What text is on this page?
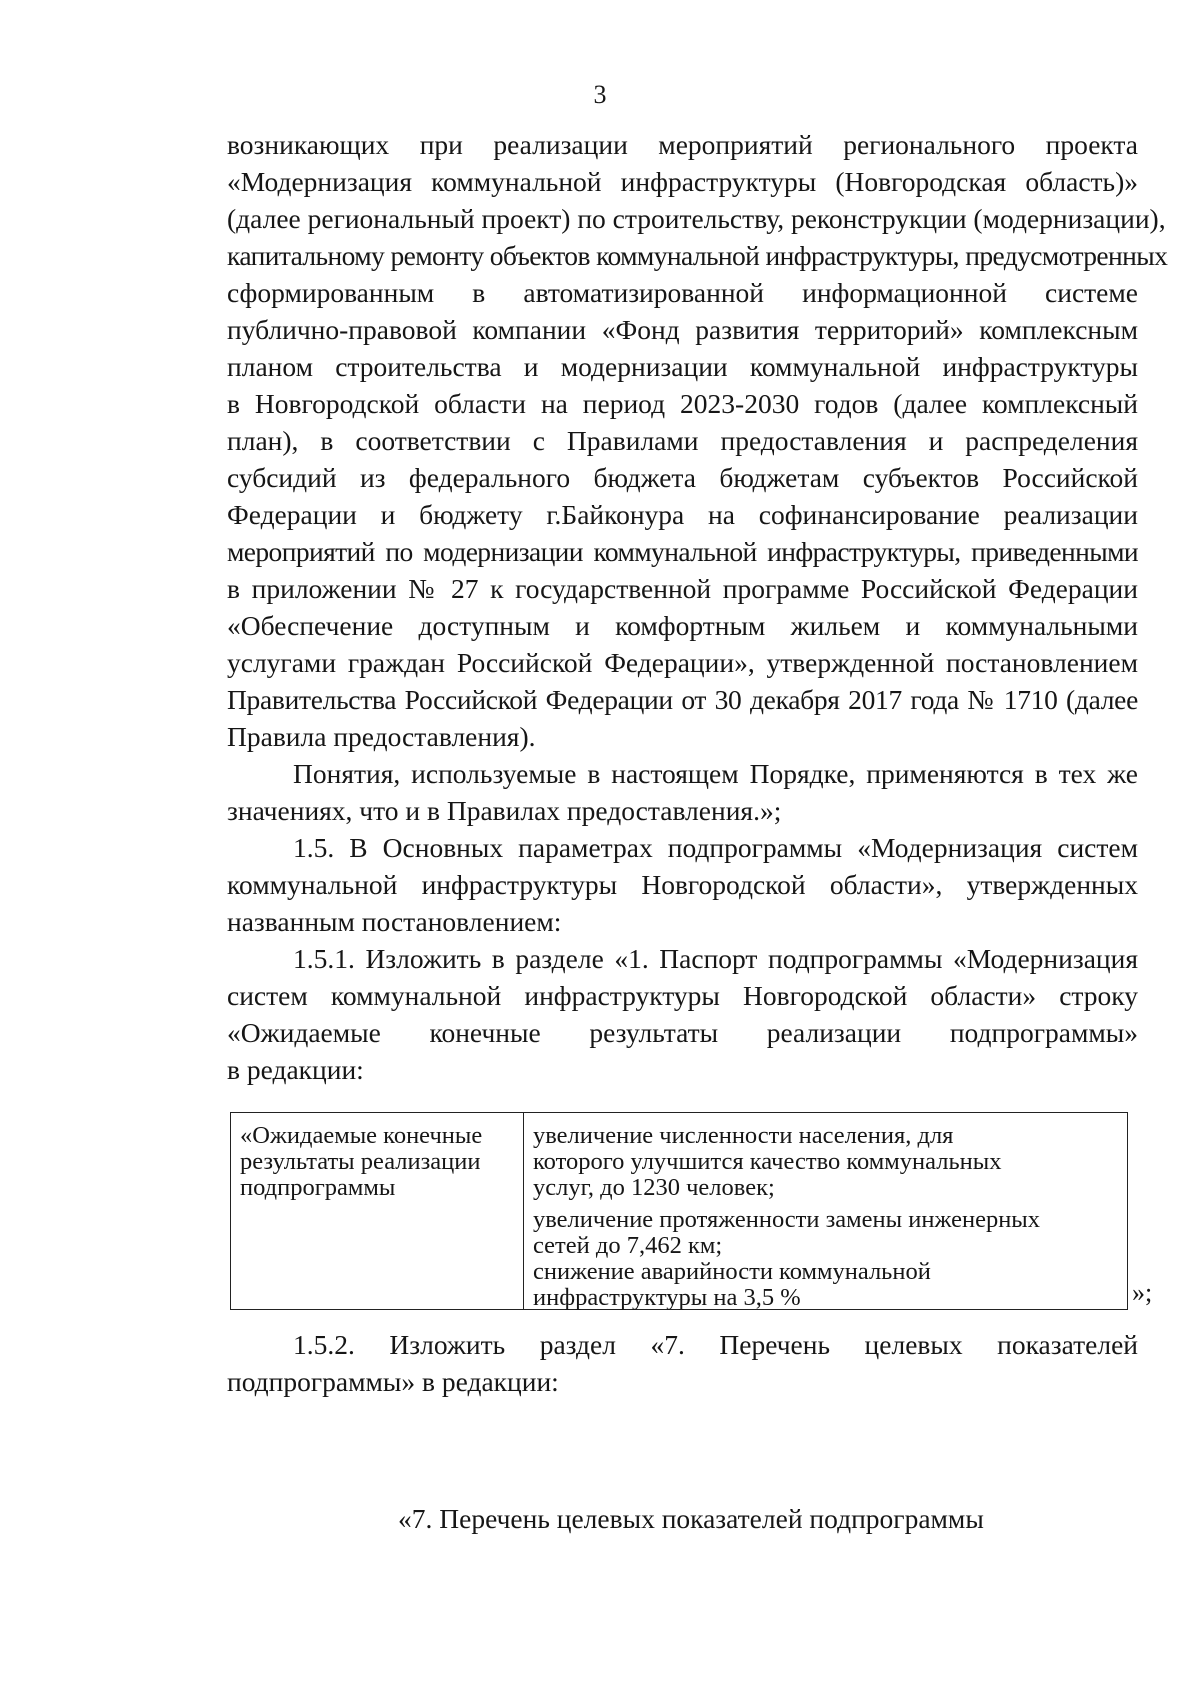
3
возникающих при реализации мероприятий регионального проекта
«Модернизация коммунальной инфраструктуры (Новгородская область)»
(далее региональный проект) по строительству, реконструкции (модернизации),
капитальному ремонту объектов коммунальной инфраструктуры, предусмотренных
сформированным в автоматизированной информационной системе
публично-правовой компании «Фонд развития территорий» комплексным
планом строительства и модернизации коммунальной инфраструктуры
в Новгородской области на период 2023-2030 годов (далее комплексный
план), в соответствии с Правилами предоставления и распределения
субсидий из федерального бюджета бюджетам субъектов Российской
Федерации и бюджету г.Байконура на софинансирование реализации
мероприятий по модернизации коммунальной инфраструктуры, приведенными
в приложении № 27 к государственной программе Российской Федерации
«Обеспечение доступным и комфортным жильем и коммунальными
услугами граждан Российской Федерации», утвержденной постановлением
Правительства Российской Федерации от 30 декабря 2017 года № 1710 (далее
Правила предоставления).
Понятия, используемые в настоящем Порядке, применяются в тех же
значениях, что и в Правилах предоставления.»;
1.5. В Основных параметрах подпрограммы «Модернизация систем
коммунальной инфраструктуры Новгородской области», утвержденных
названным постановлением:
1.5.1. Изложить в разделе «1. Паспорт подпрограммы «Модернизация
систем коммунальной инфраструктуры Новгородской области» строку
«Ожидаемые конечные результаты реализации подпрограммы»
в редакции:
«Ожидаемые конечные
результаты реализации
подпрограммы
увеличение численности населения, для
которого улучшится качество коммунальных
услуг, до 1230 человек;
увеличение протяженности замены инженерных
сетей до 7,462 км;
снижение аварийности коммунальной
инфраструктуры на 3,5 %	»;
1.5.2. Изложить раздел «7. Перечень целевых показателей
подпрограммы» в редакции:
«7. Перечень целевых показателей подпрограммы
